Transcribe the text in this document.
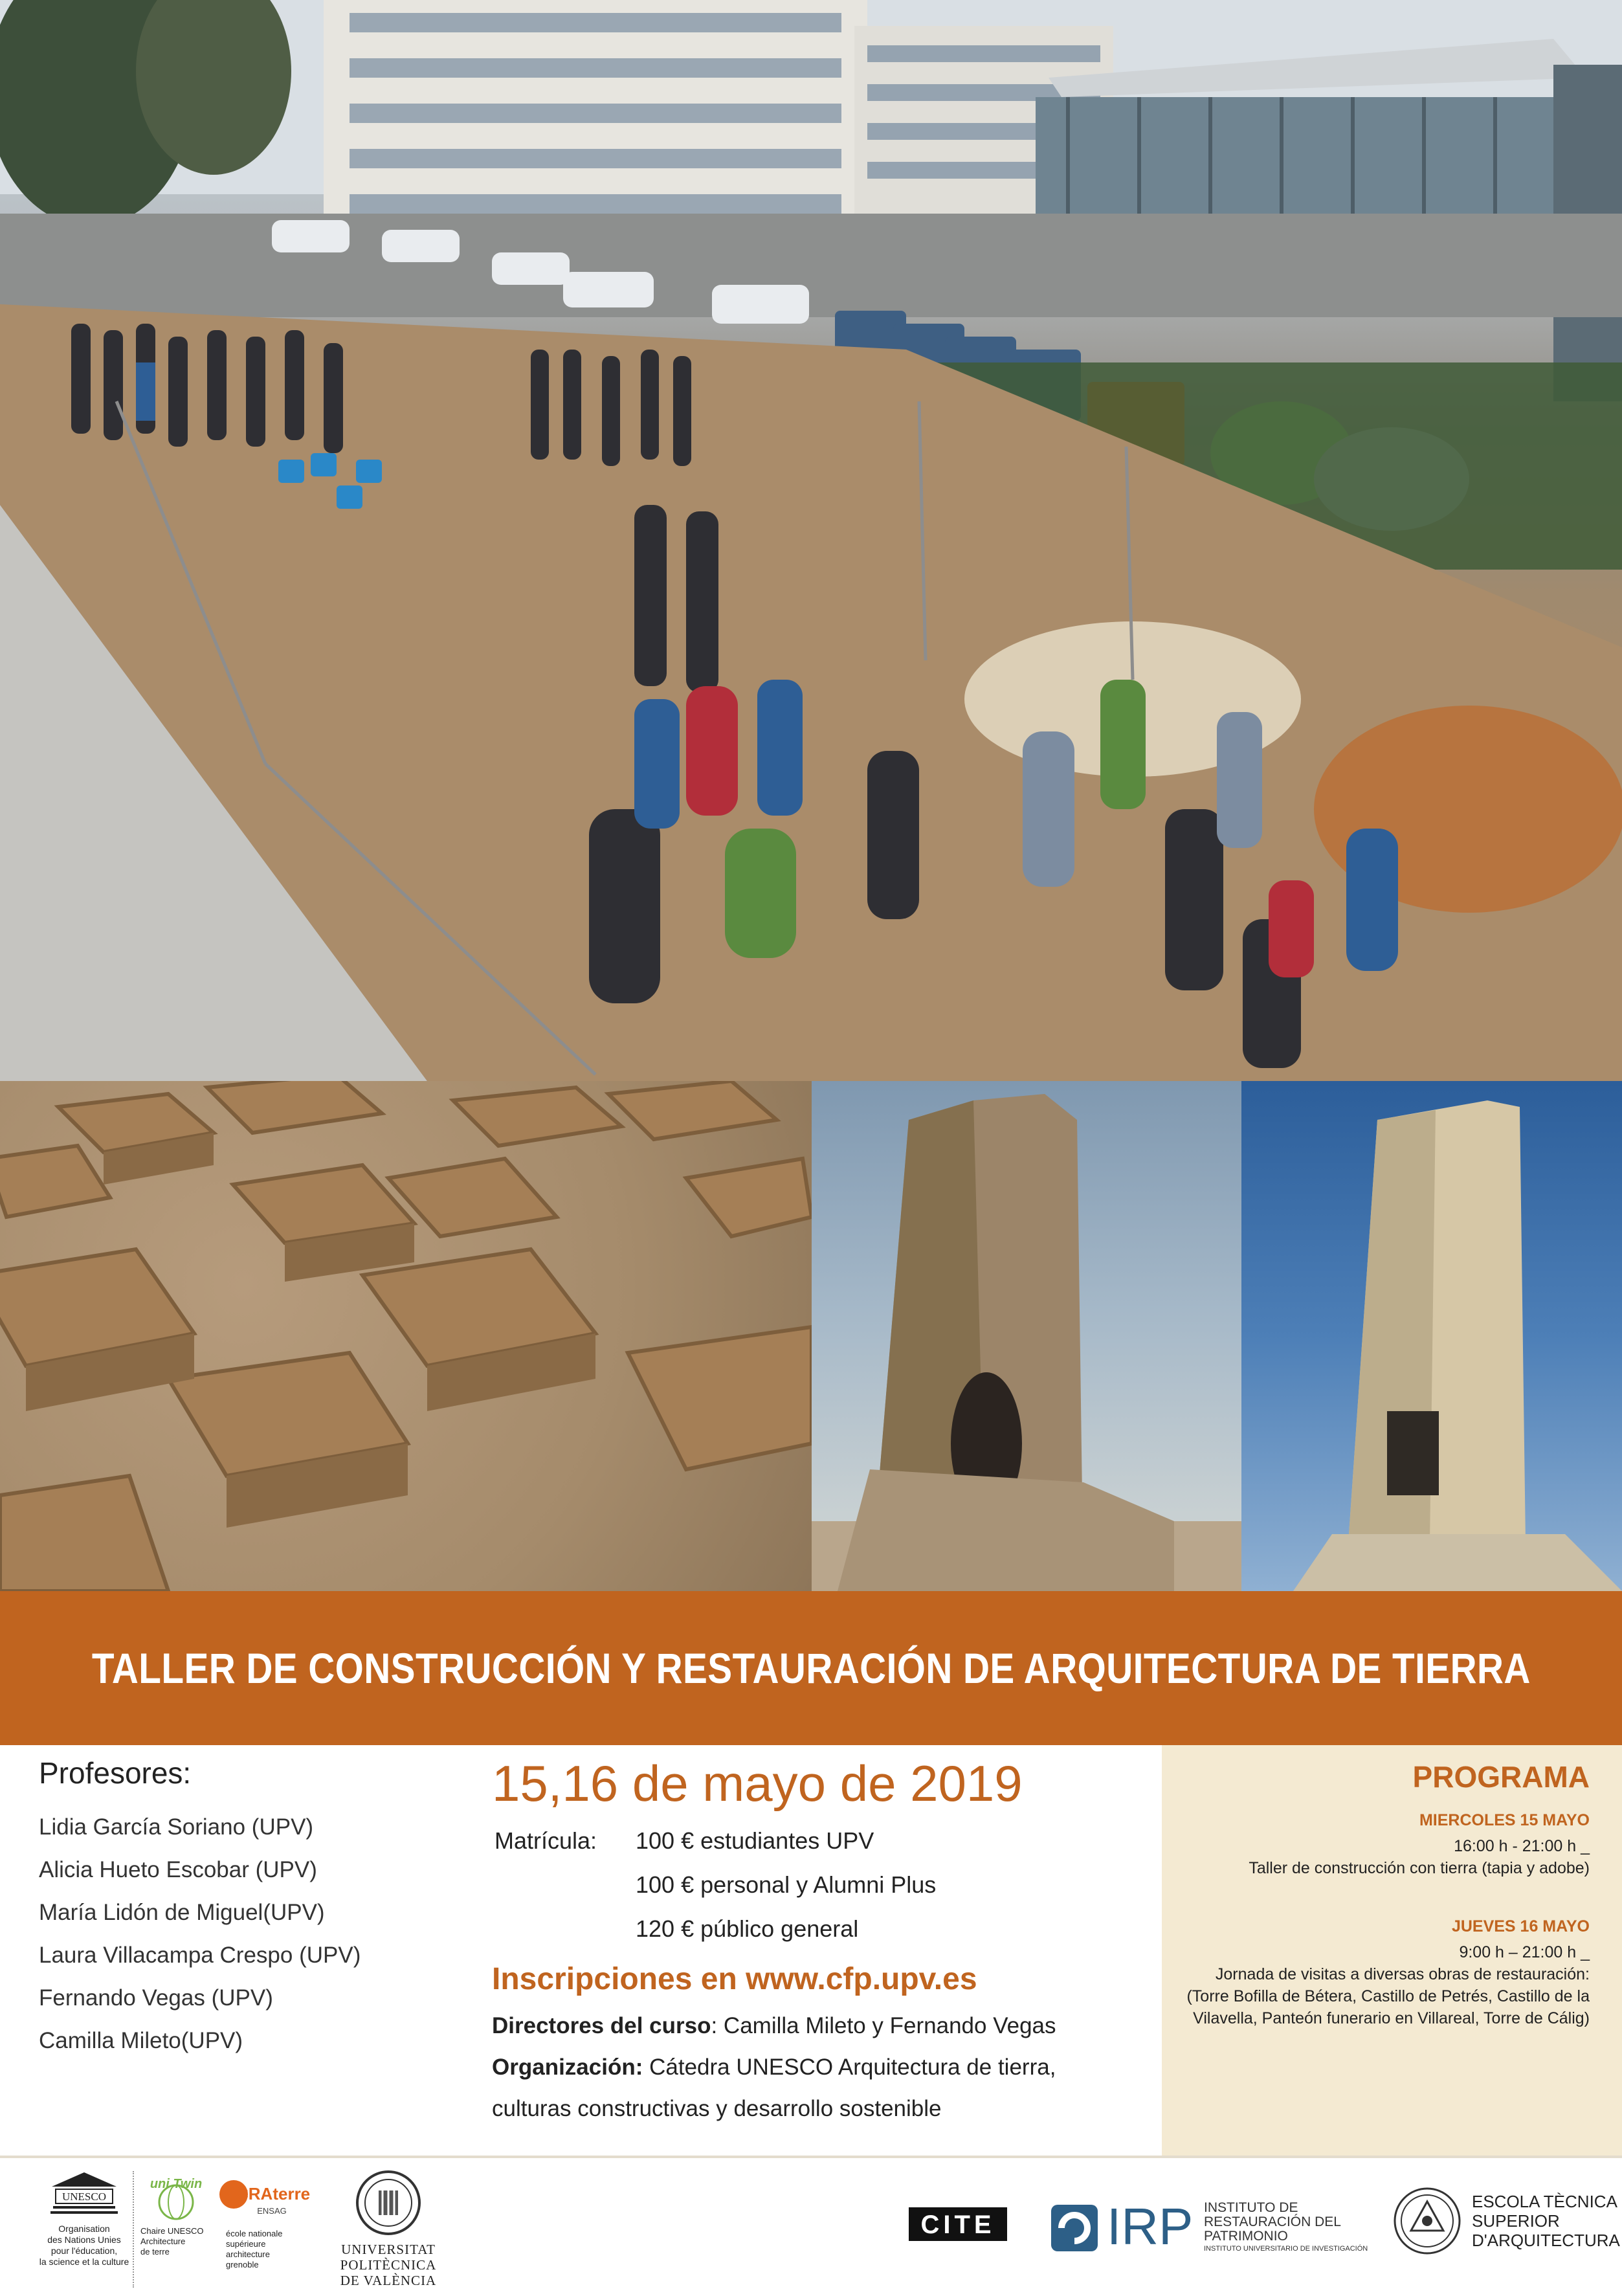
TALLER DE CONSTRUCCIÓN Y RESTAURACIÓN DE ARQUITECTURA DE TIERRA
Profesores:
Lidia García Soriano (UPV)
Alicia Hueto Escobar (UPV)
María Lidón de Miguel(UPV)
Laura Villacampa Crespo (UPV)
Fernando Vegas (UPV)
Camilla Mileto(UPV)
15,16 de mayo de 2019
Matrícula: 100 € estudiantes UPV
100 € personal y Alumni Plus
120 € público general
Inscripciones en www.cfp.upv.es
Directores del curso: Camilla Mileto y Fernando Vegas
Organización: Cátedra UNESCO Arquitectura de tierra,
culturas constructivas y desarrollo sostenible
PROGRAMA
MIERCOLES 15 MAYO
16:00 h - 21:00 h _
Taller de construcción con tierra (tapia y adobe)
JUEVES 16 MAYO
9:00 h – 21:00 h _
Jornada de visitas a diversas obras de restauración:
(Torre Bofilla de Bétera, Castillo de Petrés, Castillo de la
Vilavella, Panteón funerario en Villareal, Torre de Cálig)
UNESCO
Organisation
des Nations Unies
pour l'éducation,
la science et la culture
uni Twin
Chaire UNESCO
Architecture
de terre
CRAterre
ENSAG
école nationale
supérieure
architecture
grenoble
UNIVERSITAT
POLITÈCNICA
DE VALÈNCIA
CITE IRP INSTITUTO DE
RESTAURACIÓN DEL
PATRIMONIO
INSTITUTO UNIVERSITARIO DE INVESTIGACIÓN
ESCOLA TÈCNICA
SUPERIOR
D'ARQUITECTURA
